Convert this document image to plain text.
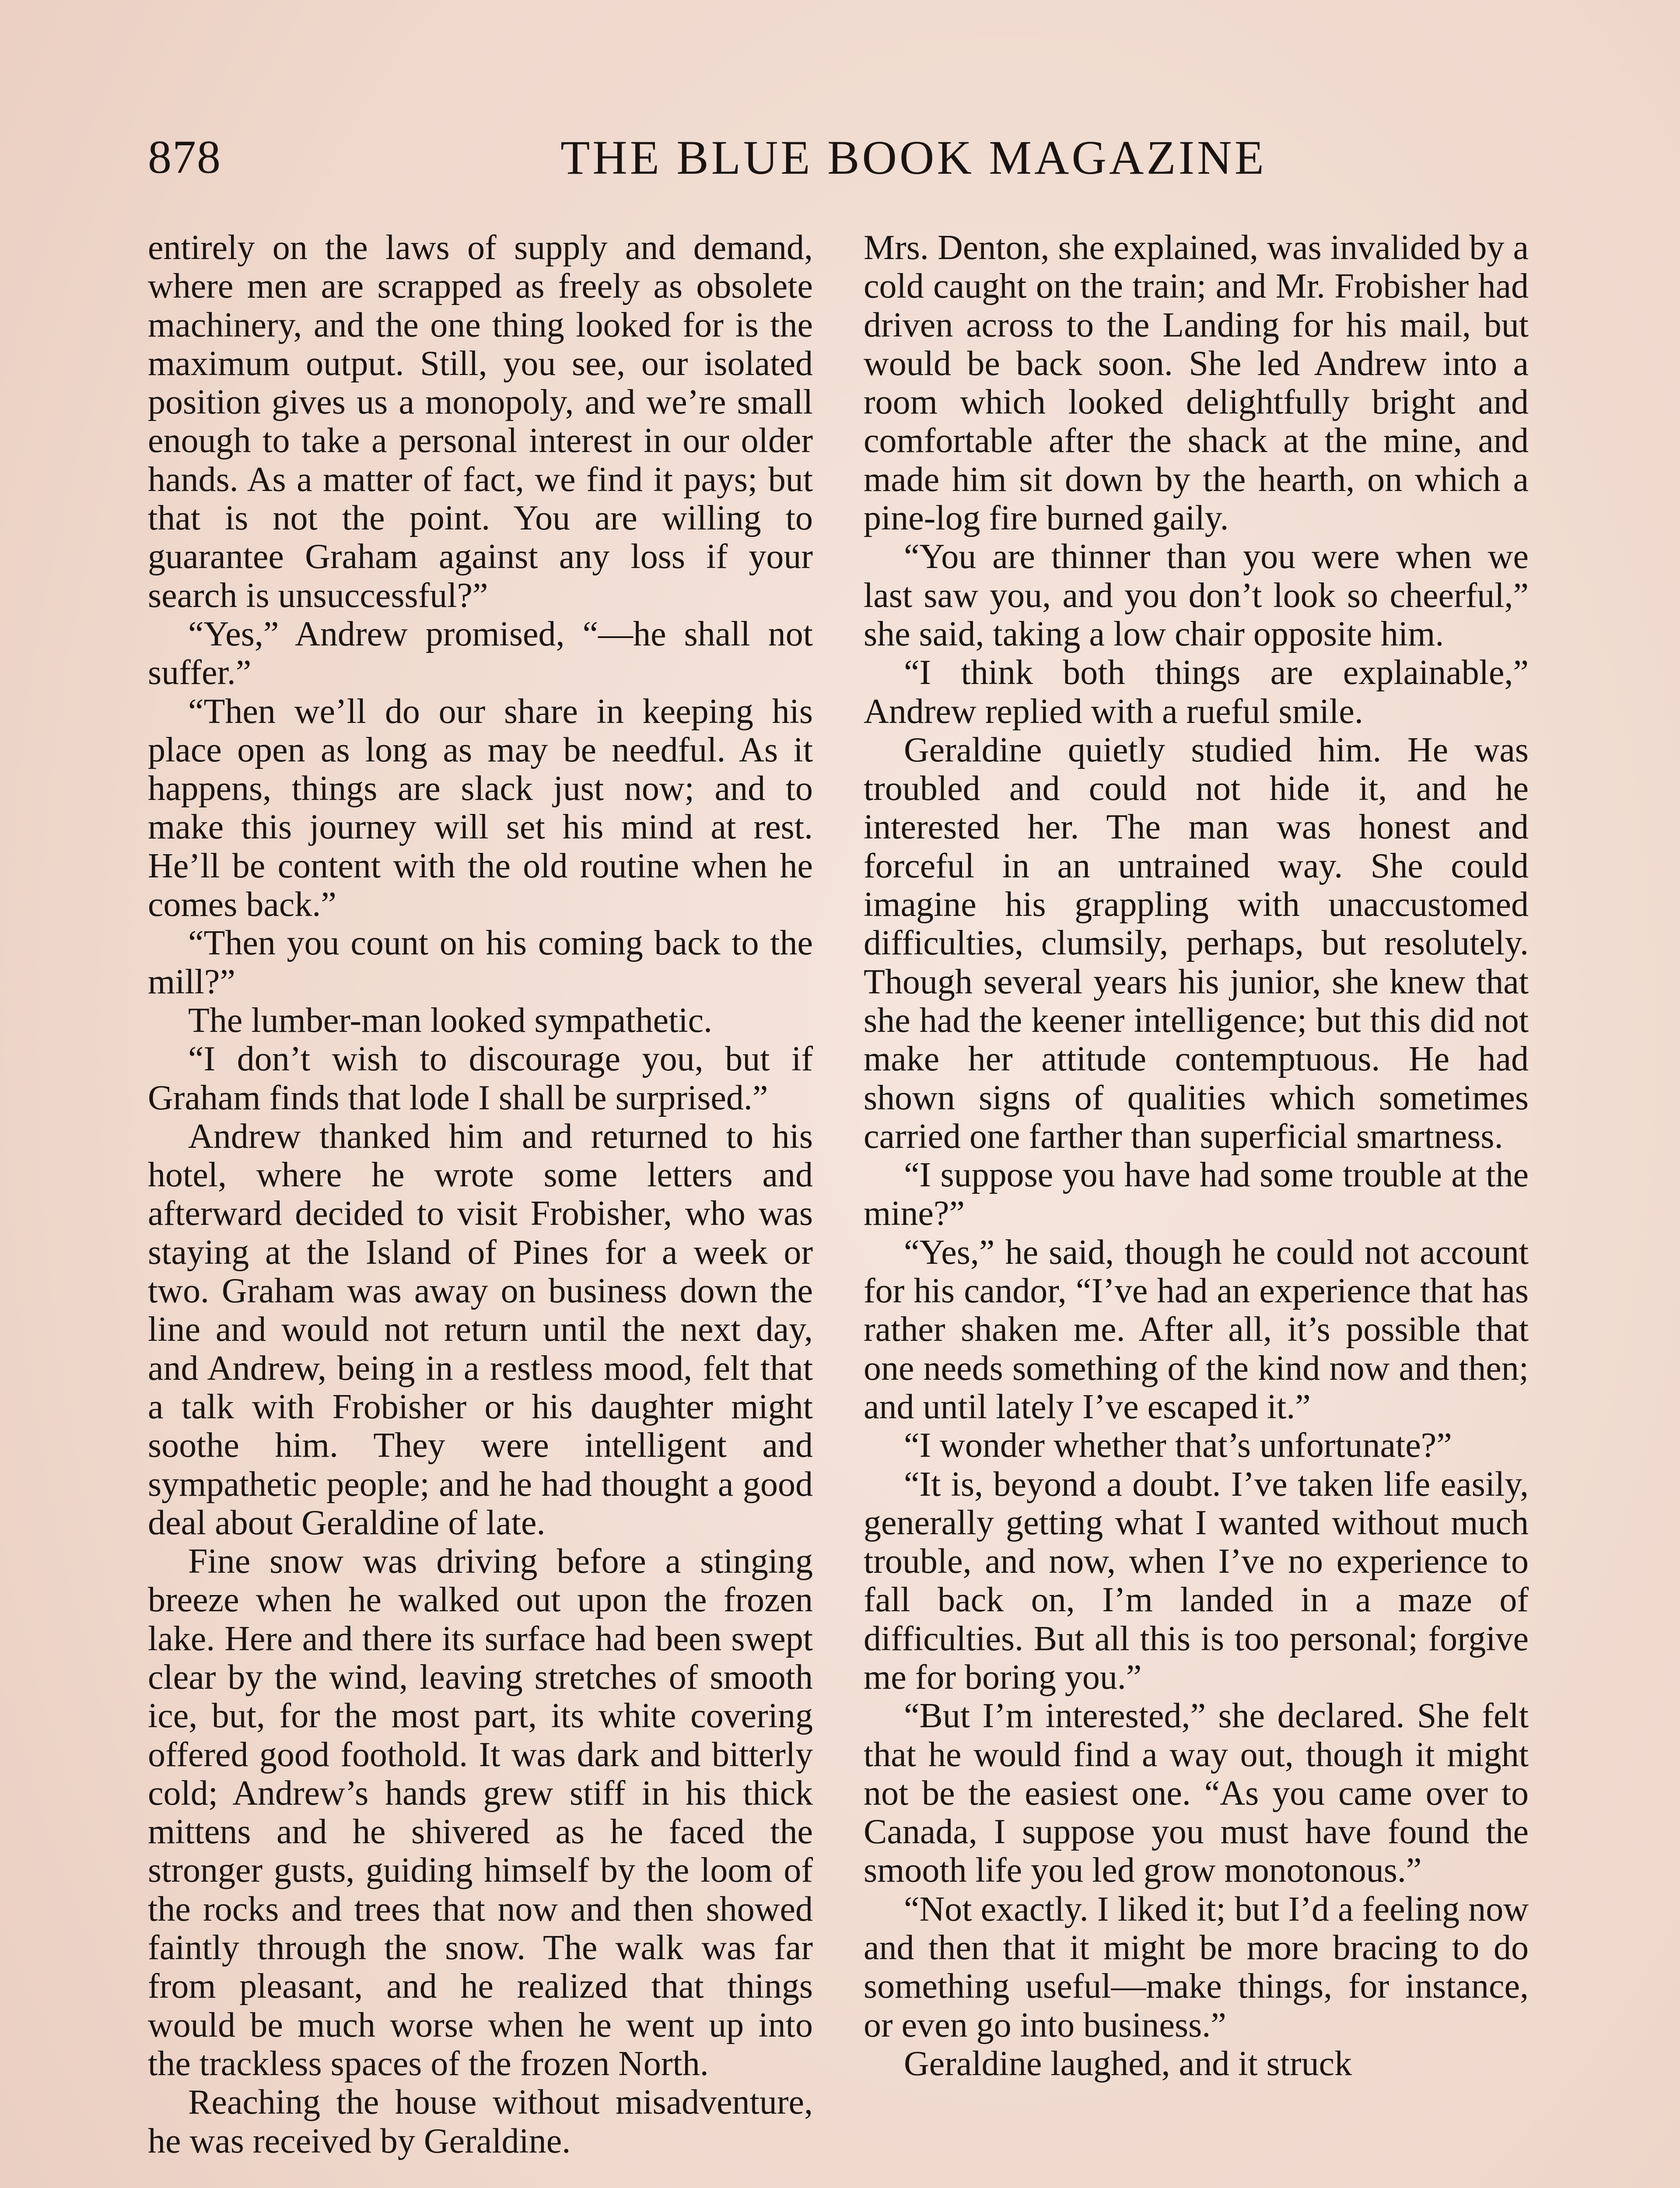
878	THE BLUE BOOK MAGAZINE

entirely on the laws of supply and demand, where men are scrapped as freely as obsolete machinery, and the one thing looked for is the maximum output. Still, you see, our isolated position gives us a monopoly, and we’re small enough to take a personal interest in our older hands. As a matter of fact, we find it pays; but that is not the point. You are willing to guarantee Graham against any loss if your search is unsuccessful?”

“Yes,” Andrew promised, “—he shall not suffer.”

“Then we’ll do our share in keeping his place open as long as may be needful. As it happens, things are slack just now; and to make this journey will set his mind at rest. He’ll be content with the old routine when he comes back.”

“Then you count on his coming back to the mill?”

The lumber-man looked sympathetic.

“I don’t wish to discourage you, but if Graham finds that lode I shall be surprised.”

Andrew thanked him and returned to his hotel, where he wrote some letters and afterward decided to visit Frobisher, who was staying at the Island of Pines for a week or two. Graham was away on business down the line and would not return until the next day, and Andrew, being in a restless mood, felt that a talk with Frobisher or his daughter might soothe him. They were intelligent and sympathetic people; and he had thought a good deal about Geraldine of late.

Fine snow was driving before a stinging breeze when he walked out upon the frozen lake. Here and there its surface had been swept clear by the wind, leaving stretches of smooth ice, but, for the most part, its white covering offered good foothold. It was dark and bitterly cold; Andrew’s hands grew stiff in his thick mittens and he shivered as he faced the stronger gusts, guiding himself by the loom of the rocks and trees that now and then showed faintly through the snow. The walk was far from pleasant, and he realized that things would be much worse when he went up into the trackless spaces of the frozen North.

Reaching the house without misadventure, he was received by Geraldine.

Mrs. Denton, she explained, was invalided by a cold caught on the train; and Mr. Frobisher had driven across to the Landing for his mail, but would be back soon. She led Andrew into a room which looked delightfully bright and comfortable after the shack at the mine, and made him sit down by the hearth, on which a pine-log fire burned gaily.

“You are thinner than you were when we last saw you, and you don’t look so cheerful,” she said, taking a low chair opposite him.

“I think both things are explainable,” Andrew replied with a rueful smile.

Geraldine quietly studied him. He was troubled and could not hide it, and he interested her. The man was honest and forceful in an untrained way. She could imagine his grappling with unaccustomed difficulties, clumsily, perhaps, but resolutely. Though several years his junior, she knew that she had the keener intelligence; but this did not make her attitude contemptuous. He had shown signs of qualities which sometimes carried one farther than superficial smartness.

“I suppose you have had some trouble at the mine?”

“Yes,” he said, though he could not account for his candor, “I’ve had an experience that has rather shaken me. After all, it’s possible that one needs something of the kind now and then; and until lately I’ve escaped it.”

“I wonder whether that’s unfortunate?”

“It is, beyond a doubt. I’ve taken life easily, generally getting what I wanted without much trouble, and now, when I’ve no experience to fall back on, I’m landed in a maze of difficulties. But all this is too personal; forgive me for boring you.”

“But I’m interested,” she declared. She felt that he would find a way out, though it might not be the easiest one. “As you came over to Canada, I suppose you must have found the smooth life you led grow monotonous.”

“Not exactly. I liked it; but I’d a feeling now and then that it might be more bracing to do something useful—make things, for instance, or even go into business.”

Geraldine laughed, and it struck
